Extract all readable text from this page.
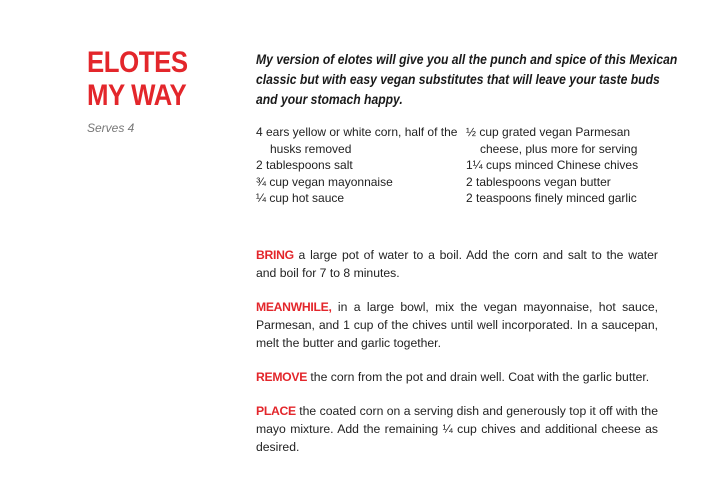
ELOTES
MY WAY
Serves 4
My version of elotes will give you all the punch and spice of this Mexican classic but with easy vegan substitutes that will leave your taste buds and your stomach happy.
4 ears yellow or white corn, half of the husks removed
2 tablespoons salt
¾ cup vegan mayonnaise
¼ cup hot sauce
½ cup grated vegan Parmesan cheese, plus more for serving
1¼ cups minced Chinese chives
2 tablespoons vegan butter
2 teaspoons finely minced garlic

BRING a large pot of water to a boil. Add the corn and salt to the water and boil for 7 to 8 minutes.

MEANWHILE, in a large bowl, mix the vegan mayonnaise, hot sauce, Parmesan, and 1 cup of the chives until well incorporated. In a saucepan, melt the butter and garlic together.

REMOVE the corn from the pot and drain well. Coat with the garlic butter.

PLACE the coated corn on a serving dish and generously top it off with the mayo mixture. Add the remaining ¼ cup chives and additional cheese as desired.
